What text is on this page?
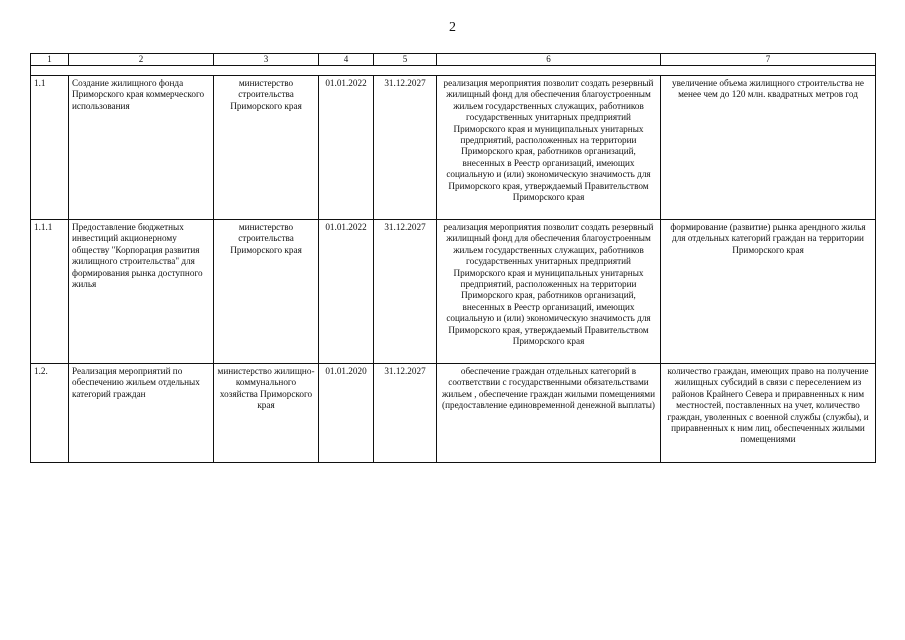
2
1	2	3	4	5	6	7

1.1	Создание жилищного фонда Приморского края коммерческого использования	министерство строительства Приморского края	01.01.2022	31.12.2027	реализация мероприятия позволит создать резервный жилищный фонд для обеспечения благоустроенным жильем государственных служащих, работников государственных унитарных предприятий Приморского края и муниципальных унитарных предприятий, расположенных на территории Приморского края, работников организаций, внесенных в Реестр организаций, имеющих социальную и (или) экономическую значимость для Приморского края, утверждаемый Правительством Приморского края	увеличение объема жилищного строительства не менее чем до 120 млн. квадратных метров год
1.1.1	Предоставление бюджетных инвестиций акционерному обществу "Корпорация развития жилищного строительства" для формирования рынка доступного жилья	министерство строительства Приморского края	01.01.2022	31.12.2027	реализация мероприятия позволит создать резервный жилищный фонд для обеспечения благоустроенным жильем государственных служащих, работников государственных унитарных предприятий Приморского края и муниципальных унитарных предприятий, расположенных на территории Приморского края, работников организаций, внесенных в Реестр организаций, имеющих социальную и (или) экономическую значимость для Приморского края, утверждаемый Правительством Приморского края	формирование (развитие) рынка арендного жилья для отдельных категорий граждан на территории Приморского края
1.2.	Реализация мероприятий по обеспечению жильем отдельных категорий граждан	министерство жилищно-коммунального хозяйства Приморского края	01.01.2020	31.12.2027	обеспечение граждан отдельных категорий в соответствии с государственными обязательствами жильем , обеспечение граждан жилыми помещениями (предоставление единовременной денежной выплаты)	количество граждан, имеющих право на получение жилищных субсидий в связи с переселением из районов Крайнего Севера и приравненных к ним местностей, поставленных на учет, количество граждан, уволенных с военной службы (службы), и приравненных к ним лиц, обеспеченных жилыми помещениями
